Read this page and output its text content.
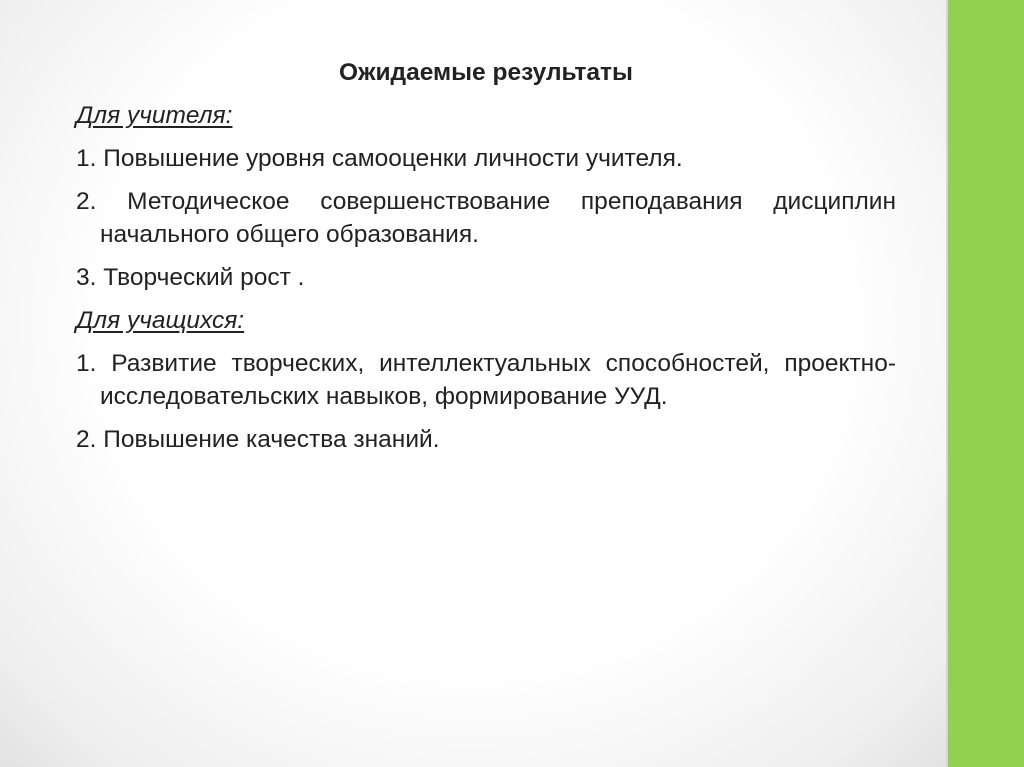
Ожидаемые результаты
Для учителя:
1. Повышение уровня самооценки личности учителя.
2. Методическое совершенствование преподавания дисциплин начального общего образования.
3. Творческий рост .
Для учащихся:
1. Развитие творческих, интеллектуальных способностей, проектно- исследовательских навыков, формирование УУД.
2. Повышение качества знаний.
